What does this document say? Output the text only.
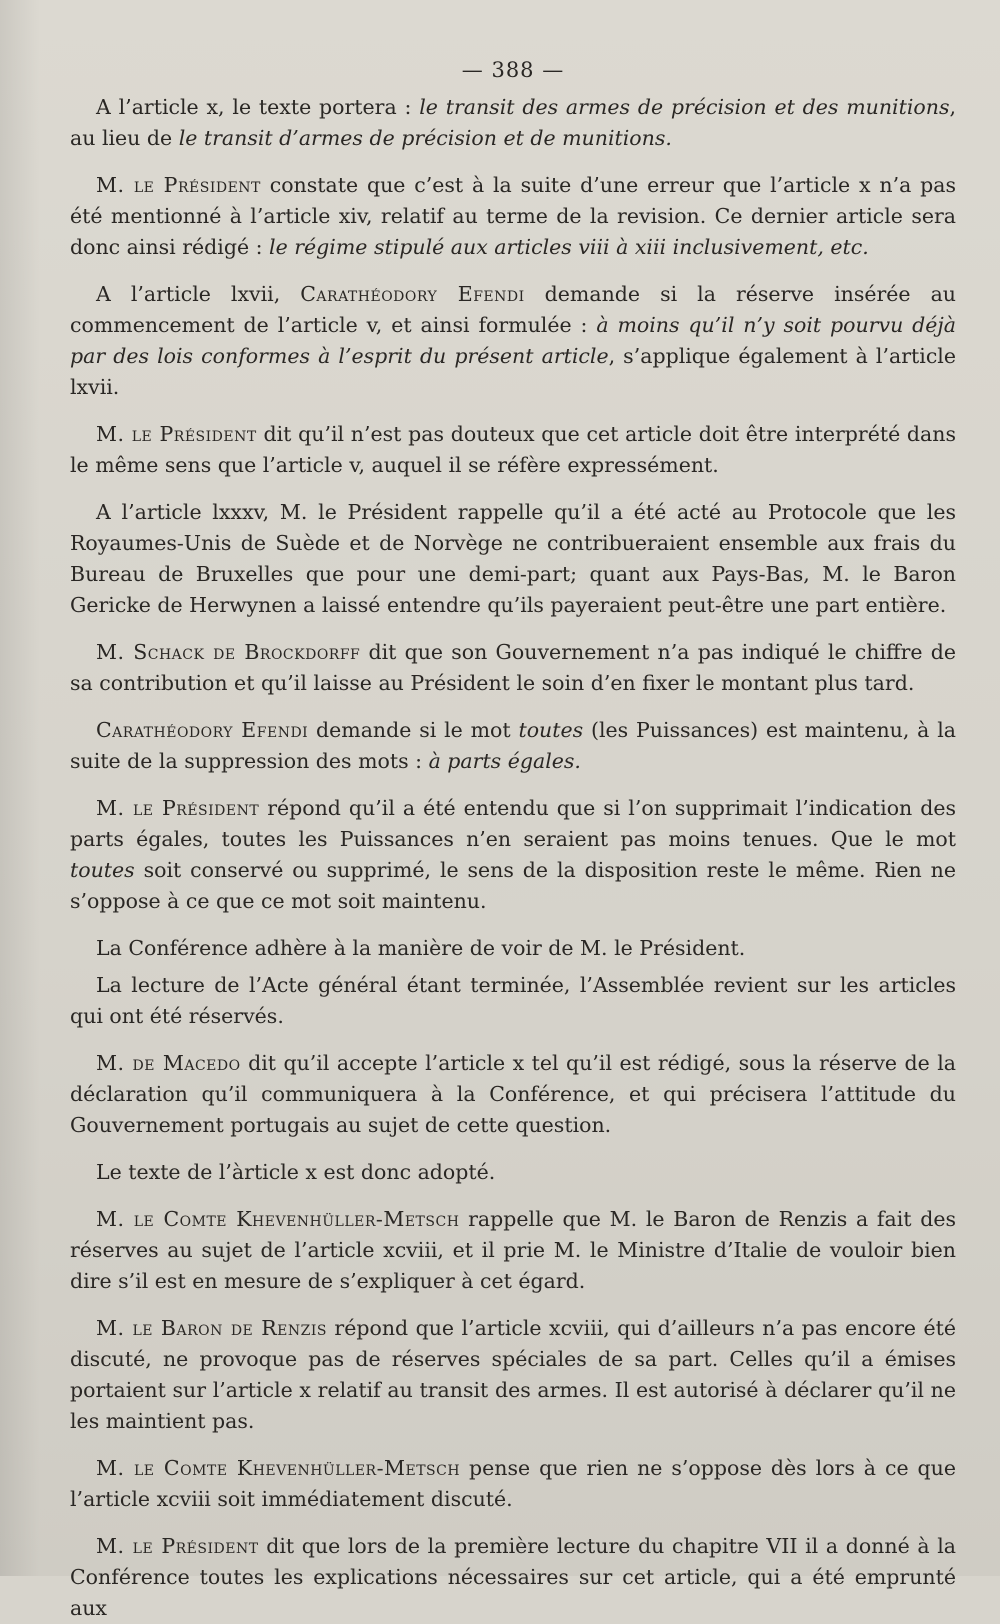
— 388 —

A l’article x, le texte portera : le transit des armes de précision et des munitions, au lieu de le transit d’armes de précision et de munitions.

M. le Président constate que c’est à la suite d’une erreur que l’article x n’a pas été mentionné à l’article xiv, relatif au terme de la revision. Ce dernier article sera donc ainsi rédigé : le régime stipulé aux articles viii à xiii inclusivement, etc.

A l’article lxvii, Carathéodory Efendi demande si la réserve insérée au commencement de l’article v, et ainsi formulée : à moins qu’il n’y soit pourvu déjà par des lois conformes à l’esprit du présent article, s’applique également à l’article lxvii.

M. le Président dit qu’il n’est pas douteux que cet article doit être interprété dans le même sens que l’article v, auquel il se réfère expressément.

A l’article lxxxv, M. le Président rappelle qu’il a été acté au Protocole que les Royaumes-Unis de Suède et de Norvège ne contribueraient ensemble aux frais du Bureau de Bruxelles que pour une demi-part; quant aux Pays-Bas, M. le Baron Gericke de Herwynen a laissé entendre qu’ils payeraient peut-être une part entière.

M. Schack de Brockdorff dit que son Gouvernement n’a pas indiqué le chiffre de sa contribution et qu’il laisse au Président le soin d’en fixer le montant plus tard.

Carathéodory Efendi demande si le mot toutes (les Puissances) est maintenu, à la suite de la suppression des mots : à parts égales.

M. le Président répond qu’il a été entendu que si l’on supprimait l’indication des parts égales, toutes les Puissances n’en seraient pas moins tenues. Que le mot toutes soit conservé ou supprimé, le sens de la disposition reste le même. Rien ne s’oppose à ce que ce mot soit maintenu.

La Conférence adhère à la manière de voir de M. le Président.

La lecture de l’Acte général étant terminée, l’Assemblée revient sur les articles qui ont été réservés.

M. de Macedo dit qu’il accepte l’article x tel qu’il est rédigé, sous la réserve de la déclaration qu’il communiquera à la Conférence, et qui précisera l’attitude du Gouvernement portugais au sujet de cette question.

Le texte de l’àrticle x est donc adopté.

M. le Comte Khevenhüller-Metsch rappelle que M. le Baron de Renzis a fait des réserves au sujet de l’article xcviii, et il prie M. le Ministre d’Italie de vouloir bien dire s’il est en mesure de s’expliquer à cet égard.

M. le Baron de Renzis répond que l’article xcviii, qui d’ailleurs n’a pas encore été discuté, ne provoque pas de réserves spéciales de sa part. Celles qu’il a émises portaient sur l’article x relatif au transit des armes. Il est autorisé à déclarer qu’il ne les maintient pas.

M. le Comte Khevenhüller-Metsch pense que rien ne s’oppose dès lors à ce que l’article xcviii soit immédiatement discuté.

M. le Président dit que lors de la première lecture du chapitre VII il a donné à la Conférence toutes les explications nécessaires sur cet article, qui a été emprunté aux
